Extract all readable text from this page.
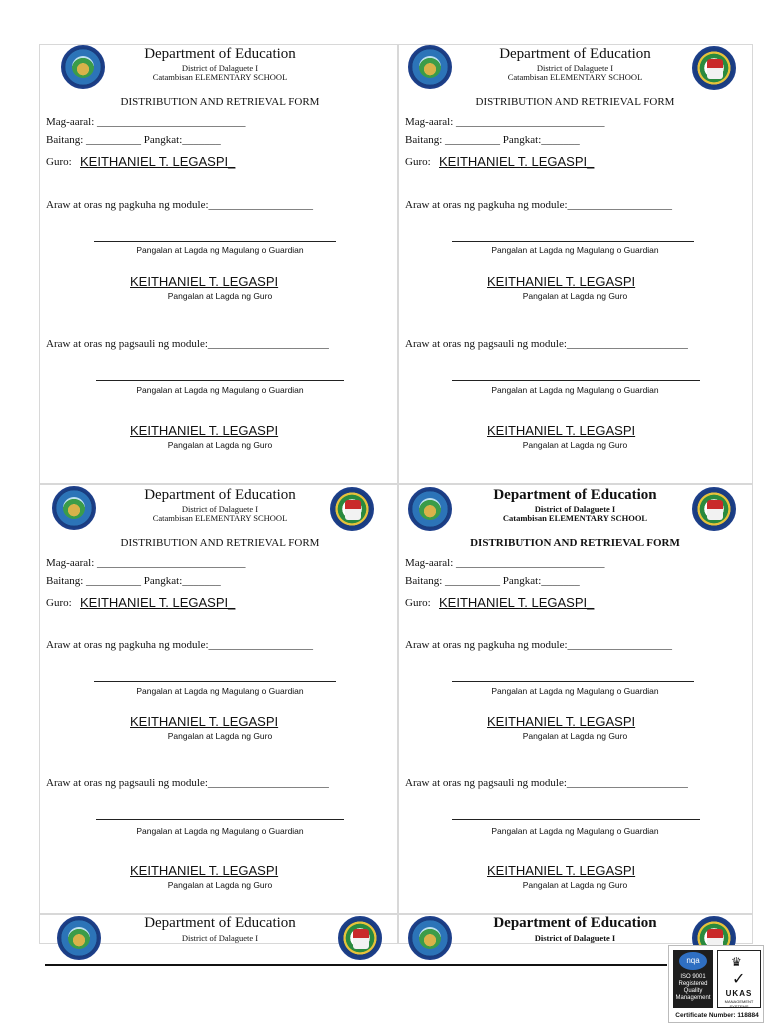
Department of Education
District of Dalaguete I
Catambisan ELEMENTARY SCHOOL
DISTRIBUTION AND RETRIEVAL FORM
Mag-aaral: ___________________________
Baitang: __________ Pangkat:_______
Guro: KEITHANIEL T. LEGASPI_
Araw at oras ng pagkuha ng module:___________________
Pangalan at Lagda ng Magulang o Guardian
KEITHANIEL T. LEGASPI
Pangalan at Lagda ng Guro
Araw at oras ng pagsauli ng module:______________________
Pangalan at Lagda ng Magulang o Guardian
KEITHANIEL T. LEGASPI
Pangalan at Lagda ng Guro
Department of Education
District of Dalaguete I
Catambisan ELEMENTARY SCHOOL
DISTRIBUTION AND RETRIEVAL FORM
Mag-aaral: ___________________________
Baitang: __________ Pangkat:_______
Guro: KEITHANIEL T. LEGASPI_
Araw at oras ng pagkuha ng module:___________________
Pangalan at Lagda ng Magulang o Guardian
KEITHANIEL T. LEGASPI
Pangalan at Lagda ng Guro
Araw at oras ng pagsauli ng module:______________________
Pangalan at Lagda ng Magulang o Guardian
KEITHANIEL T. LEGASPI
Pangalan at Lagda ng Guro
Department of Education
District of Dalaguete I
Catambisan ELEMENTARY SCHOOL
DISTRIBUTION AND RETRIEVAL FORM
Mag-aaral: ___________________________
Baitang: __________ Pangkat:_______
Guro: KEITHANIEL T. LEGASPI_
Araw at oras ng pagkuha ng module:___________________
Pangalan at Lagda ng Magulang o Guardian
KEITHANIEL T. LEGASPI
Pangalan at Lagda ng Guro
Araw at oras ng pagsauli ng module:______________________
Pangalan at Lagda ng Magulang o Guardian
KEITHANIEL T. LEGASPI
Pangalan at Lagda ng Guro
Department of Education
District of Dalaguete I
Catambisan ELEMENTARY SCHOOL
DISTRIBUTION AND RETRIEVAL FORM
Mag-aaral: ___________________________
Baitang: __________ Pangkat:_______
Guro: KEITHANIEL T. LEGASPI_
Araw at oras ng pagkuha ng module:___________________
Pangalan at Lagda ng Magulang o Guardian
KEITHANIEL T. LEGASPI
Pangalan at Lagda ng Guro
Araw at oras ng pagsauli ng module:______________________
Pangalan at Lagda ng Magulang o Guardian
KEITHANIEL T. LEGASPI
Pangalan at Lagda ng Guro
Department of Education
District of Dalaguete I
Department of Education
District of Dalaguete I
nqa
ISO 9001 Registered Quality Management
♛
✓
UKAS
MANAGEMENT SYSTEMS
Certificate Number: 118884
